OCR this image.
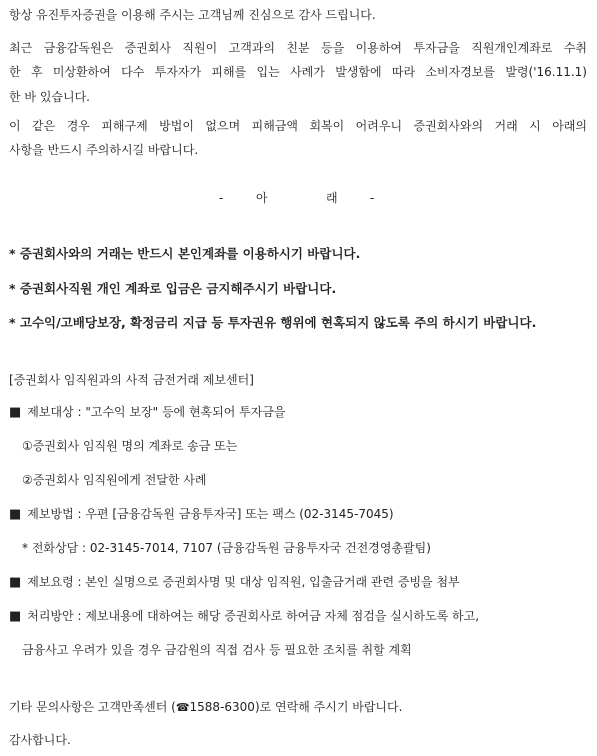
항상 유진투자증권을 이용해 주시는 고객님께 진심으로 감사 드립니다.
최근 금융감독원은 증권회사 직원이 고객과의 친분 등을 이용하여 투자금을 직원개인계좌로 수취
한 후 미상환하여 다수 투자자가 피해를 입는 사례가 발생함에 따라 소비자경보를 발령('16.11.1)
한 바 있습니다.
이 같은 경우 피해구제 방법이 없으며 피해금액 회복이 어려우니 증권회사와의 거래 시 아래의
사항을 반드시 주의하시길 바랍니다.
-	아	래	-
* 증권회사와의 거래는 반드시 본인계좌를 이용하시기 바랍니다.
* 증권회사직원 개인 계좌로 입금은 금지해주시기 바랍니다.
* 고수익/고배당보장, 확정금리 지급 등 투자권유 행위에 현혹되지 않도록 주의 하시기 바랍니다.
[증권회사 임직원과의 사적 금전거래 제보센터]
■ 제보대상 : "고수익 보장" 등에 현혹되어 투자금을
①증권회사 임직원 명의 계좌로 송금 또는
②증권회사 임직원에게 전달한 사례
■ 제보방법 : 우편 [금융감독원 금융투자국] 또는 팩스 (02-3145-7045)
* 전화상담 : 02-3145-7014, 7107 (금융감독원 금융투자국 건전경영총괄팀)
■ 제보요령 : 본인 실명으로 증권회사명 및 대상 임직원, 입출금거래 관련 증빙을 첨부
■ 처리방안 : 제보내용에 대하여는 해당 증권회사로 하여금 자체 점검을 실시하도록 하고,
금융사고 우려가 있을 경우 금감원의 직접 검사 등 필요한 조치를 취할 계획
기타 문의사항은 고객만족센터 (☎1588-6300)로 연락해 주시기 바랍니다.
감사합니다.
